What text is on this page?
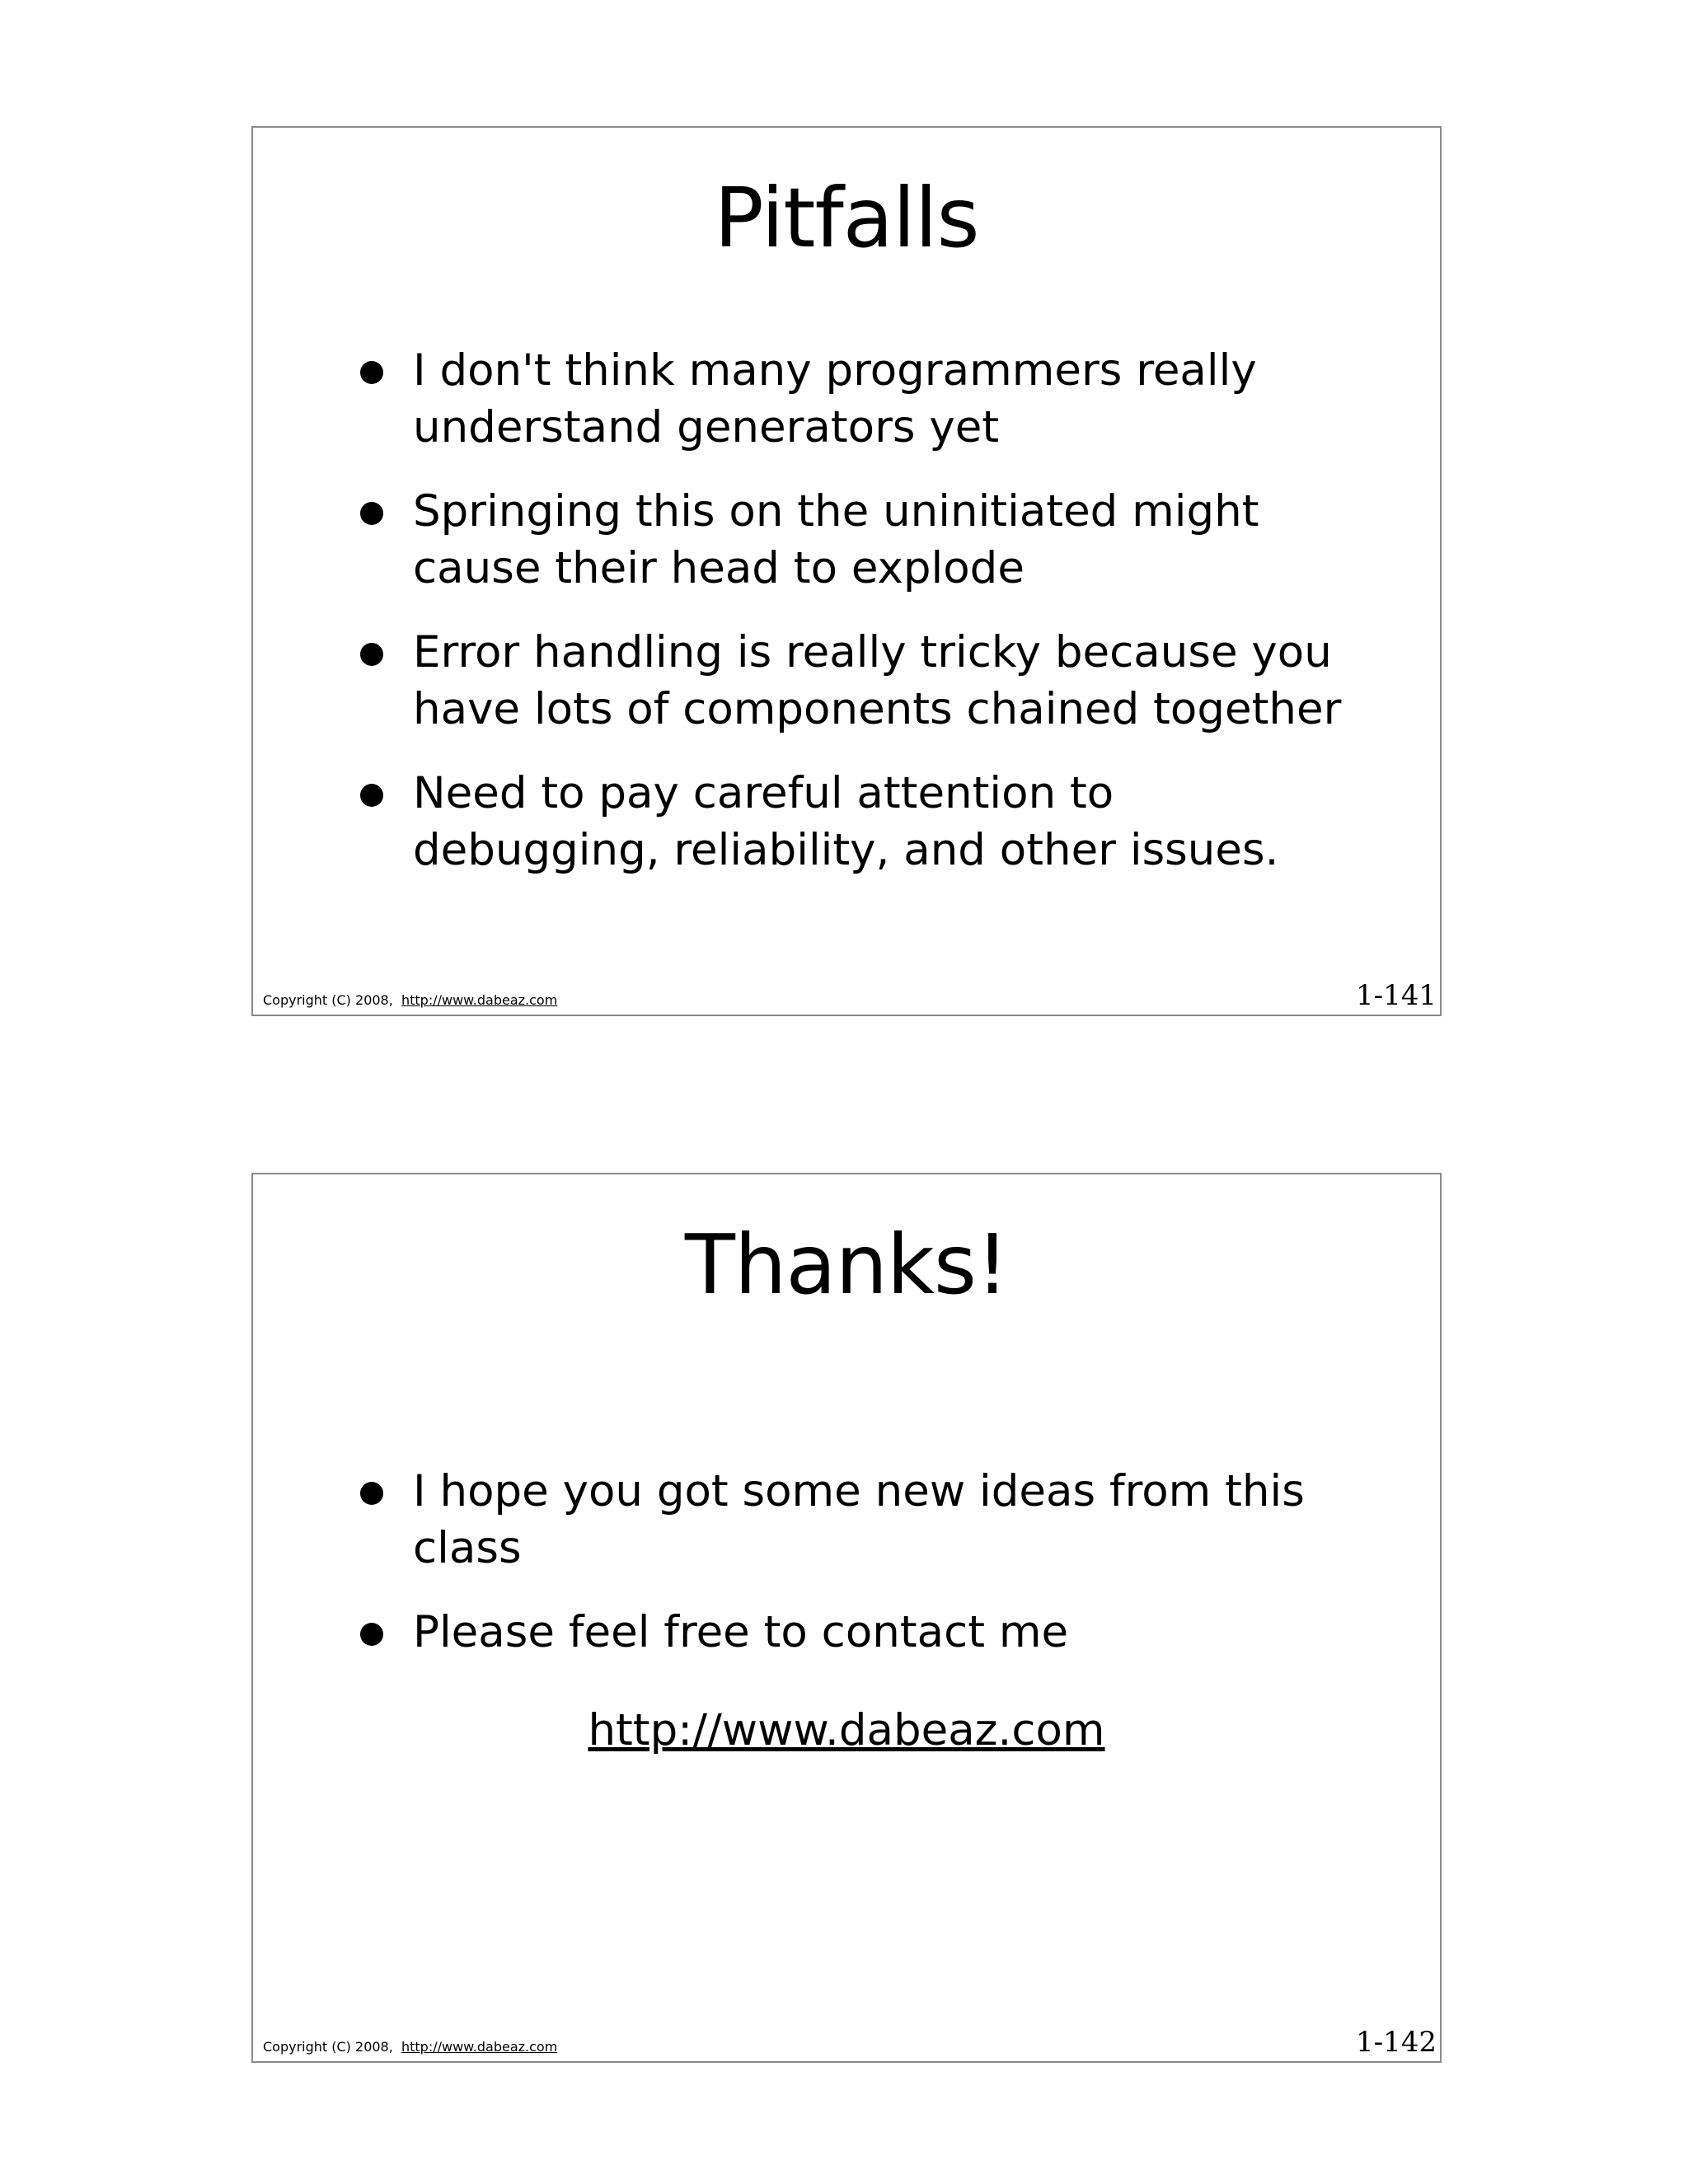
Pitfalls
I don't think many programmers really understand generators yet
Springing this on the uninitiated might cause their head to explode
Error handling is really tricky because you have lots of components chained together
Need to pay careful attention to debugging, reliability, and other issues.
Copyright (C) 2008, http://www.dabeaz.com	1-141
Thanks!
I hope you got some new ideas from this class
Please feel free to contact me
http://www.dabeaz.com
Copyright (C) 2008, http://www.dabeaz.com	1-142
